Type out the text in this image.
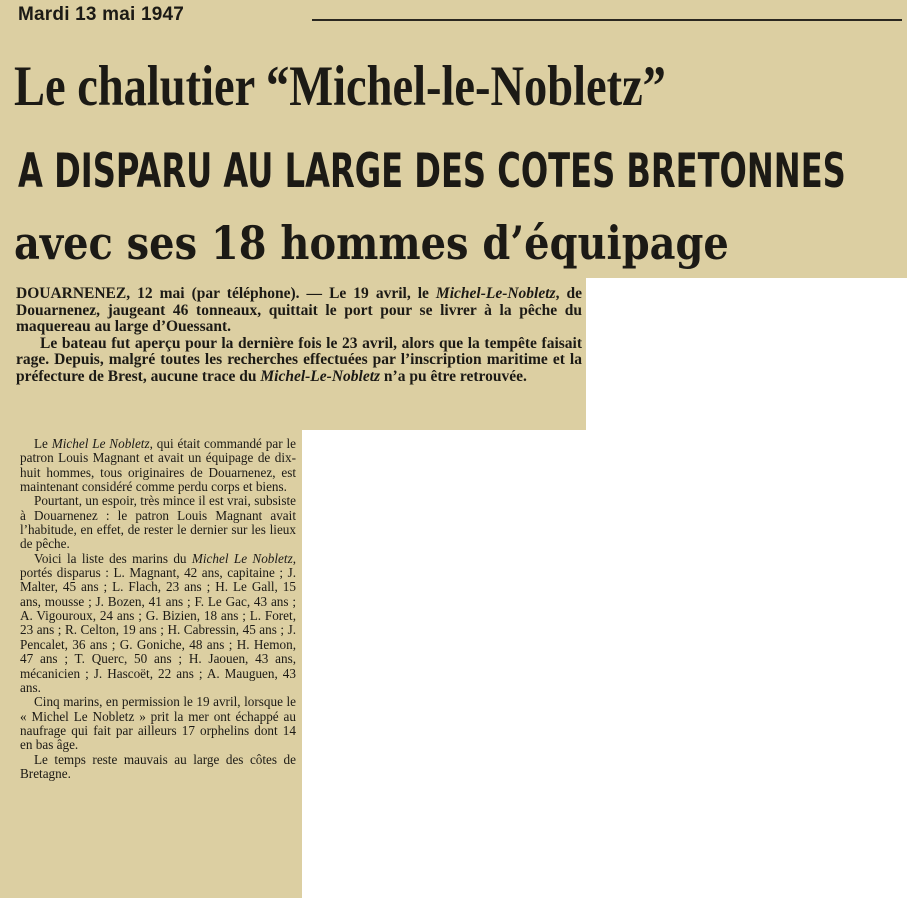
Mardi 13 mai 1947
Le chalutier “Michel-le-Nobletz”
A DISPARU AU LARGE DES COTES BRETONNES
avec ses 18 hommes d’équipage

DOUARNENEZ, 12 mai (par téléphone). — Le 19 avril, le Michel-Le-Nobletz, de Douarnenez, jaugeant 46 tonneaux, quittait le port pour se livrer à la pêche du maquereau au large d’Ouessant.

Le bateau fut aperçu pour la dernière fois le 23 avril, alors que la tempête faisait rage. Depuis, malgré toutes les recherches effectuées par l’inscription maritime et la préfecture de Brest, aucune trace du Michel-Le-Nobletz n’a pu être retrouvée.

Le Michel Le Nobletz, qui était commandé par le patron Louis Magnant et avait un équipage de dix-huit hommes, tous originaires de Douarnenez, est maintenant considéré comme perdu corps et biens.

Pourtant, un espoir, très mince il est vrai, subsiste à Douarnenez : le patron Louis Magnant avait l’habitude, en effet, de rester le dernier sur les lieux de pêche.

Voici la liste des marins du Michel Le Nobletz, portés disparus : L. Magnant, 42 ans, capitaine ; J. Malter, 45 ans ; L. Flach, 23 ans ; H. Le Gall, 15 ans, mousse ; J. Bozen, 41 ans ; F. Le Gac, 43 ans ; A. Vigouroux, 24 ans ; G. Bizien, 18 ans ; L. Foret, 23 ans ; R. Celton, 19 ans ; H. Cabressin, 45 ans ; J. Pencalet, 36 ans ; G. Goniche, 48 ans ; H. Hemon, 47 ans ; T. Querc, 50 ans ; H. Jaouen, 43 ans, mécanicien ; J. Hascoët, 22 ans ; A. Mauguen, 43 ans.

Cinq marins, en permission le 19 avril, lorsque le « Michel Le Nobletz » prit la mer ont échappé au naufrage qui fait par ailleurs 17 orphelins dont 14 en bas âge.

Le temps reste mauvais au large des côtes de Bretagne.
